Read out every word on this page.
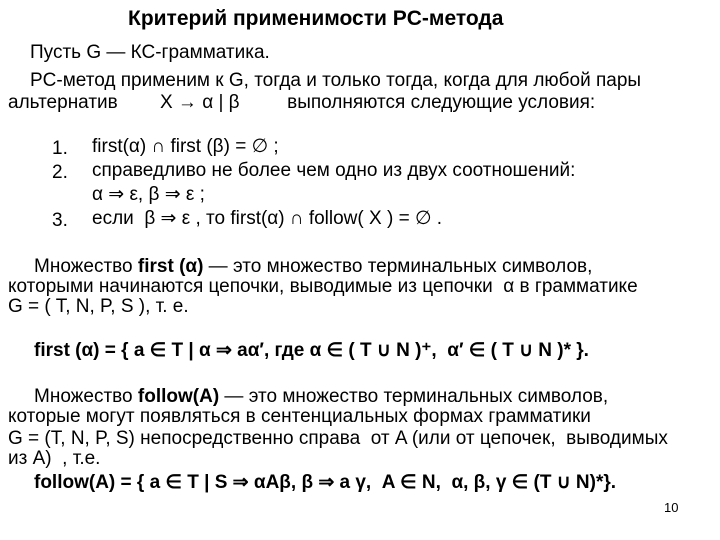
Критерий применимости PC-метода
Пусть G — КС-грамматика.
PC-метод применим к G, тогда и только тогда, когда для любой пары
альтернатив        X → α | β         выполняются следующие условия:
1. first(α) ∩ first (β) = ∅ ;
2. справедливо не более чем одно из двух соотношений:
α ⇒ ε, β ⇒ ε ;
3. если  β ⇒ ε , то first(α) ∩ follow( X ) = ∅ .
Множество first (α) — это множество терминальных символов,
которыми начинаются цепочки, выводимые из цепочки  α в грамматике
G = ( T, N, P, S ), т. е.
first (α) = { a ∈ T | α ⇒ aα′, где α ∈ ( T ∪ N )⁺,  α′ ∈ ( T ∪ N )* }.
Множество follow(A) — это множество терминальных символов,
которые могут появляться в сентенциальных формах грамматики
G = (T, N, P, S) непосредственно справа  от A (или от цепочек,  выводимых
из A)  , т.е.
follow(A) = { a ∈ T | S ⇒ αAβ, β ⇒ a γ,  A ∈ N,  α, β, γ ∈ (T ∪ N)*}.
10
